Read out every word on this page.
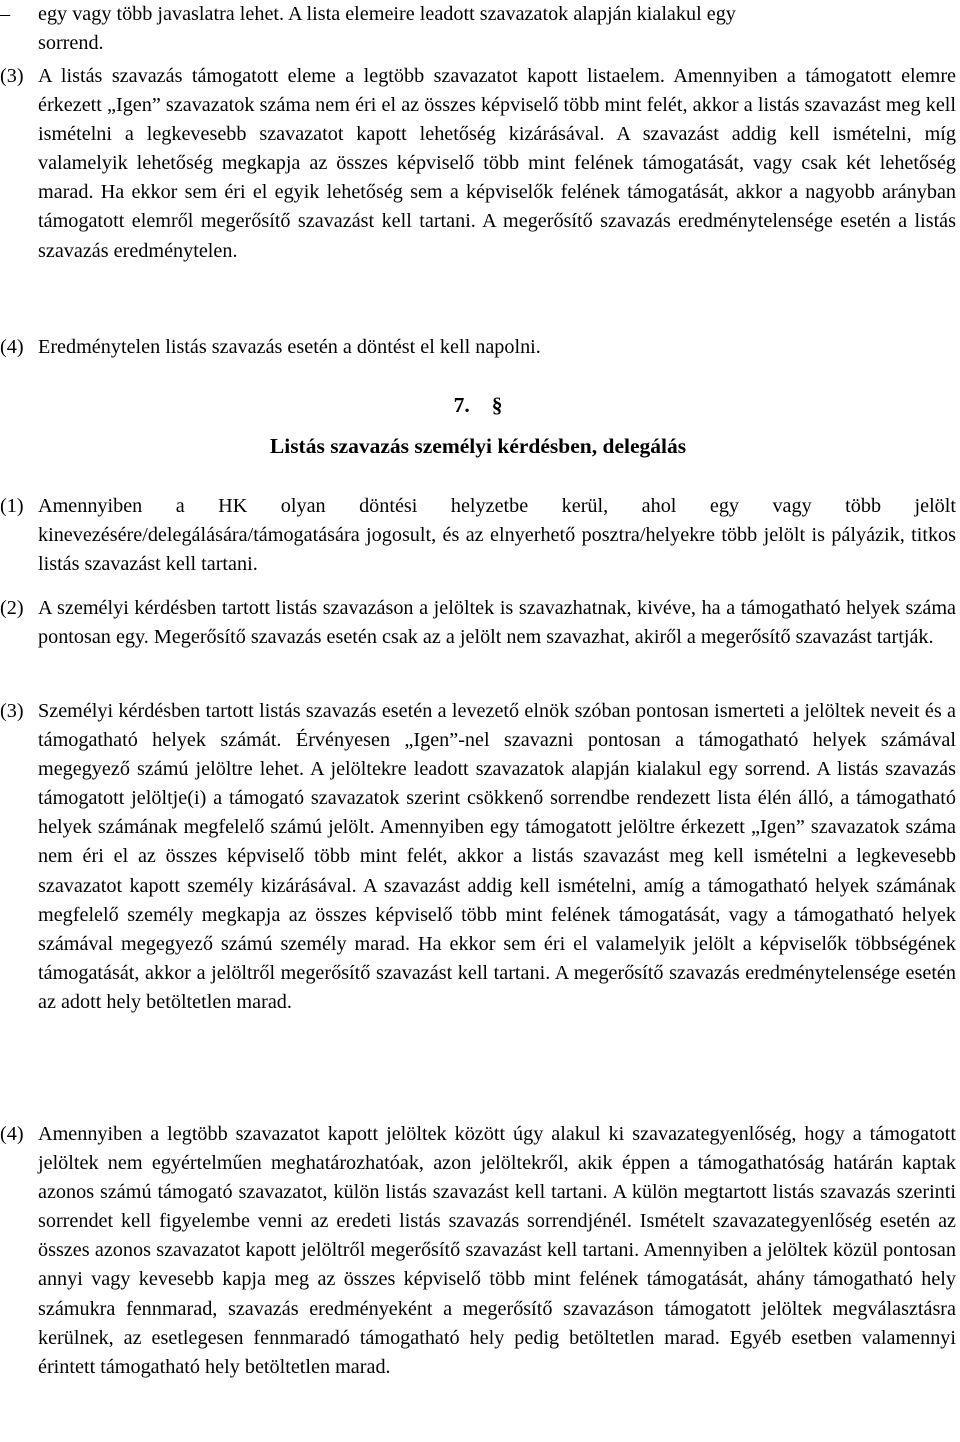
– egy vagy több javaslatra lehet. A lista elemeire leadott szavazatok alapján kialakul egy
sorrend.
(3) A listás szavazás támogatott eleme a legtöbb szavazatot kapott listaelem. Amennyiben a támogatott elemre érkezett „Igen” szavazatok száma nem éri el az összes képviselő több mint felét, akkor a listás szavazást meg kell ismételni a legkevesebb szavazatot kapott lehetőség kizárásával. A szavazást addig kell ismételni, míg valamelyik lehetőség megkapja az összes képviselő több mint felének támogatását, vagy csak két lehetőség marad. Ha ekkor sem éri el egyik lehetőség sem a képviselők felének támogatását, akkor a nagyobb arányban támogatott elemről megerősítő szavazást kell tartani. A megerősítő szavazás eredménytelensége esetén a listás szavazás eredménytelen.
(4) Eredménytelen listás szavazás esetén a döntést el kell napolni.
7. §
Listás szavazás személyi kérdésben, delegálás
(1) Amennyiben a HK olyan döntési helyzetbe kerül, ahol egy vagy több jelölt kinevezésére/delegálására/támogatására jogosult, és az elnyerhető posztra/helyekre több jelölt is pályázik, titkos listás szavazást kell tartani.
(2) A személyi kérdésben tartott listás szavazáson a jelöltek is szavazhatnak, kivéve, ha a támogatható helyek száma pontosan egy. Megerősítő szavazás esetén csak az a jelölt nem szavazhat, akiről a megerősítő szavazást tartják.
(3) Személyi kérdésben tartott listás szavazás esetén a levezető elnök szóban pontosan ismerteti a jelöltek neveit és a támogatható helyek számát. Érvényesen „Igen”-nel szavazni pontosan a támogatható helyek számával megegyező számú jelöltre lehet. A jelöltekre leadott szavazatok alapján kialakul egy sorrend. A listás szavazás támogatott jelöltje(i) a támogató szavazatok szerint csökkenő sorrendbe rendezett lista élén álló, a támogatható helyek számának megfelelő számú jelölt. Amennyiben egy támogatott jelöltre érkezett „Igen” szavazatok száma nem éri el az összes képviselő több mint felét, akkor a listás szavazást meg kell ismételni a legkevesebb szavazatot kapott személy kizárásával. A szavazást addig kell ismételni, amíg a támogatható helyek számának megfelelő személy megkapja az összes képviselő több mint felének támogatását, vagy a támogatható helyek számával megegyező számú személy marad. Ha ekkor sem éri el valamelyik jelölt a képviselők többségének támogatását, akkor a jelöltről megerősítő szavazást kell tartani. A megerősítő szavazás eredménytelensége esetén az adott hely betöltetlen marad.
(4) Amennyiben a legtöbb szavazatot kapott jelöltek között úgy alakul ki szavazategyenlőség, hogy a támogatott jelöltek nem egyértelműen meghatározhatóak, azon jelöltekről, akik éppen a támogathatóság határán kaptak azonos számú támogató szavazatot, külön listás szavazást kell tartani. A külön megtartott listás szavazás szerinti sorrendet kell figyelembe venni az eredeti listás szavazás sorrendjénél. Ismételt szavazategyenlőség esetén az összes azonos szavazatot kapott jelöltről megerősítő szavazást kell tartani. Amennyiben a jelöltek közül pontosan annyi vagy kevesebb kapja meg az összes képviselő több mint felének támogatását, ahány támogatható hely számukra fennmarad, szavazás eredményeként a megerősítő szavazáson támogatott jelöltek megválasztásra kerülnek, az esetlegesen fennmaradó támogatható hely pedig betöltetlen marad. Egyéb esetben valamennyi érintett támogatható hely betöltetlen marad.
